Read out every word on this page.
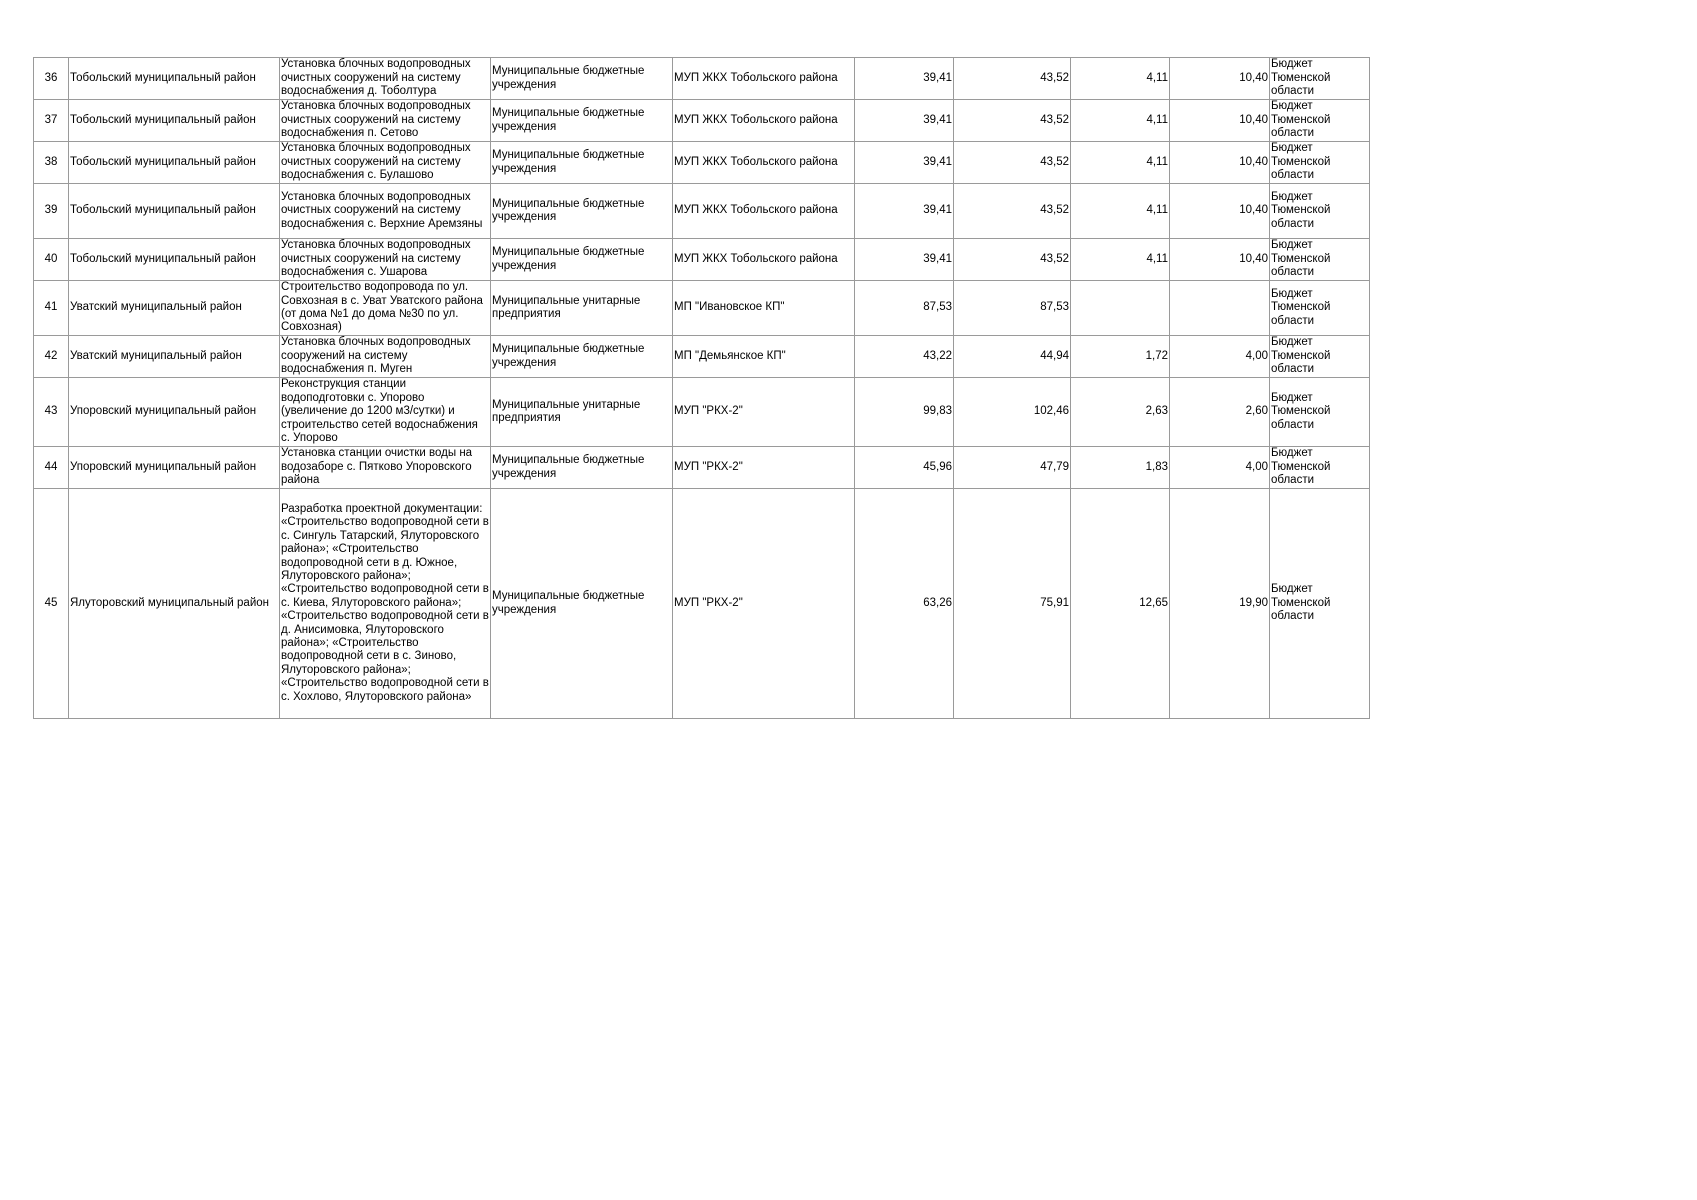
36	Тобольский муниципальный район	Установка блочных водопроводных очистных сооружений на систему водоснабжения д. Тоболтура	Муниципальные бюджетные учреждения	МУП ЖКХ Тобольского района	39,41	43,52	4,11	10,40	Бюджет Тюменской области
37	Тобольский муниципальный район	Установка блочных водопроводных очистных сооружений на систему водоснабжения п. Сетово	Муниципальные бюджетные учреждения	МУП ЖКХ Тобольского района	39,41	43,52	4,11	10,40	Бюджет Тюменской области
38	Тобольский муниципальный район	Установка блочных водопроводных очистных сооружений на систему водоснабжения с. Булашово	Муниципальные бюджетные учреждения	МУП ЖКХ Тобольского района	39,41	43,52	4,11	10,40	Бюджет Тюменской области
39	Тобольский муниципальный район	Установка блочных водопроводных очистных сооружений на систему водоснабжения с. Верхние Аремзяны	Муниципальные бюджетные учреждения	МУП ЖКХ Тобольского района	39,41	43,52	4,11	10,40	Бюджет Тюменской области
40	Тобольский муниципальный район	Установка блочных водопроводных очистных сооружений на систему водоснабжения с. Ушарова	Муниципальные бюджетные учреждения	МУП ЖКХ Тобольского района	39,41	43,52	4,11	10,40	Бюджет Тюменской области
41	Уватский муниципальный район	Строительство водопровода по ул. Совхозная в с. Уват Уватского района (от дома №1 до дома №30 по ул. Совхозная)	Муниципальные унитарные предприятия	МП "Ивановское КП"	87,53	87,53			Бюджет Тюменской области
42	Уватский муниципальный район	Установка блочных водопроводных сооружений на систему водоснабжения п. Муген	Муниципальные бюджетные учреждения	МП "Демьянское КП"	43,22	44,94	1,72	4,00	Бюджет Тюменской области
43	Упоровский муниципальный район	Реконструкция станции водоподготовки с. Упорово (увеличение до 1200 м3/сутки) и строительство сетей водоснабжения с. Упорово	Муниципальные унитарные предприятия	МУП "РКХ-2"	99,83	102,46	2,63	2,60	Бюджет Тюменской области
44	Упоровский муниципальный район	Установка станции очистки воды на водозаборе с. Пятково Упоровского района	Муниципальные бюджетные учреждения	МУП "РКХ-2"	45,96	47,79	1,83	4,00	Бюджет Тюменской области
45	Ялуторовский муниципальный район	Разработка проектной документации: «Строительство водопроводной сети в с. Сингуль Татарский, Ялуторовского района»; «Строительство водопроводной сети в д. Южное, Ялуторовского района»; «Строительство водопроводной сети в с. Киева, Ялуторовского района»; «Строительство водопроводной сети в д. Анисимовка, Ялуторовского района»; «Строительство водопроводной сети в с. Зиново, Ялуторовского района»; «Строительство водопроводной сети в с. Хохлово, Ялуторовского района»	Муниципальные бюджетные учреждения	МУП "РКХ-2"	63,26	75,91	12,65	19,90	Бюджет Тюменской области
